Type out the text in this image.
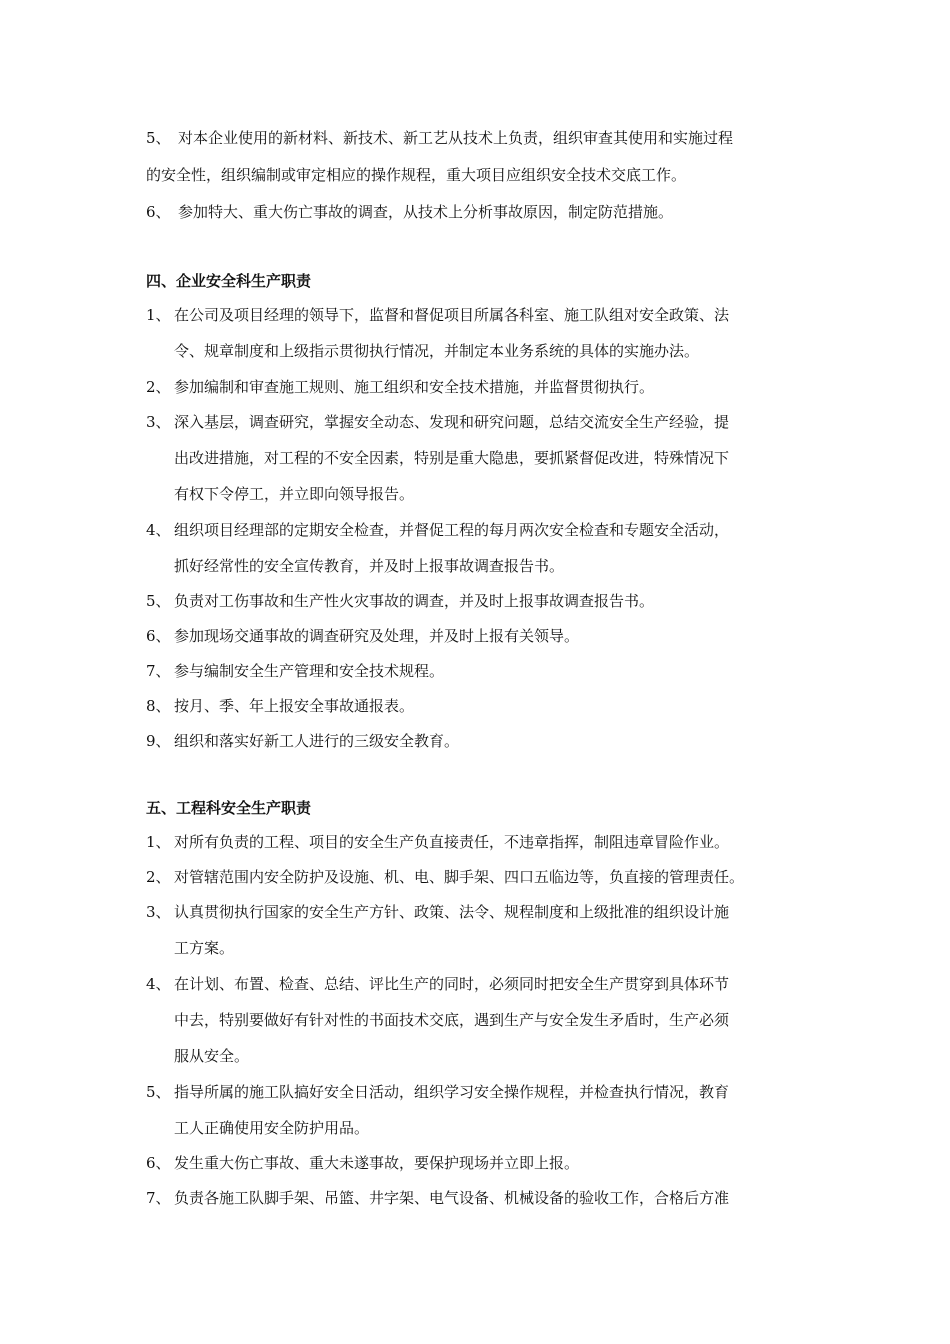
5、 对本企业使用的新材料、新技术、新工艺从技术上负责，组织审查其使用和实施过程
的安全性，组织编制或审定相应的操作规程，重大项目应组织安全技术交底工作。
6、 参加特大、重大伤亡事故的调查，从技术上分析事故原因，制定防范措施。
四、企业安全科生产职责
1、 在公司及项目经理的领导下，监督和督促项目所属各科室、施工队组对安全政策、法
令、规章制度和上级指示贯彻执行情况，并制定本业务系统的具体的实施办法。
2、 参加编制和审查施工规则、施工组织和安全技术措施，并监督贯彻执行。
3、 深入基层，调查研究，掌握安全动态、发现和研究问题，总结交流安全生产经验，提
出改进措施，对工程的不安全因素，特别是重大隐患，要抓紧督促改进，特殊情况下
有权下令停工，并立即向领导报告。
4、 组织项目经理部的定期安全检查，并督促工程的每月两次安全检查和专题安全活动，
抓好经常性的安全宣传教育，并及时上报事故调查报告书。
5、 负责对工伤事故和生产性火灾事故的调查，并及时上报事故调查报告书。
6、 参加现场交通事故的调查研究及处理，并及时上报有关领导。
7、 参与编制安全生产管理和安全技术规程。
8、 按月、季、年上报安全事故通报表。
9、 组织和落实好新工人进行的三级安全教育。
五、工程科安全生产职责
1、 对所有负责的工程、项目的安全生产负直接责任，不违章指挥，制阻违章冒险作业。
2、 对管辖范围内安全防护及设施、机、电、脚手架、四口五临边等，负直接的管理责任。
3、 认真贯彻执行国家的安全生产方针、政策、法令、规程制度和上级批准的组织设计施
工方案。
4、 在计划、布置、检查、总结、评比生产的同时，必须同时把安全生产贯穿到具体环节
中去，特别要做好有针对性的书面技术交底，遇到生产与安全发生矛盾时，生产必须
服从安全。
5、 指导所属的施工队搞好安全日活动，组织学习安全操作规程，并检查执行情况，教育
工人正确使用安全防护用品。
6、 发生重大伤亡事故、重大未遂事故，要保护现场并立即上报。
7、 负责各施工队脚手架、吊篮、井字架、电气设备、机械设备的验收工作，合格后方准
